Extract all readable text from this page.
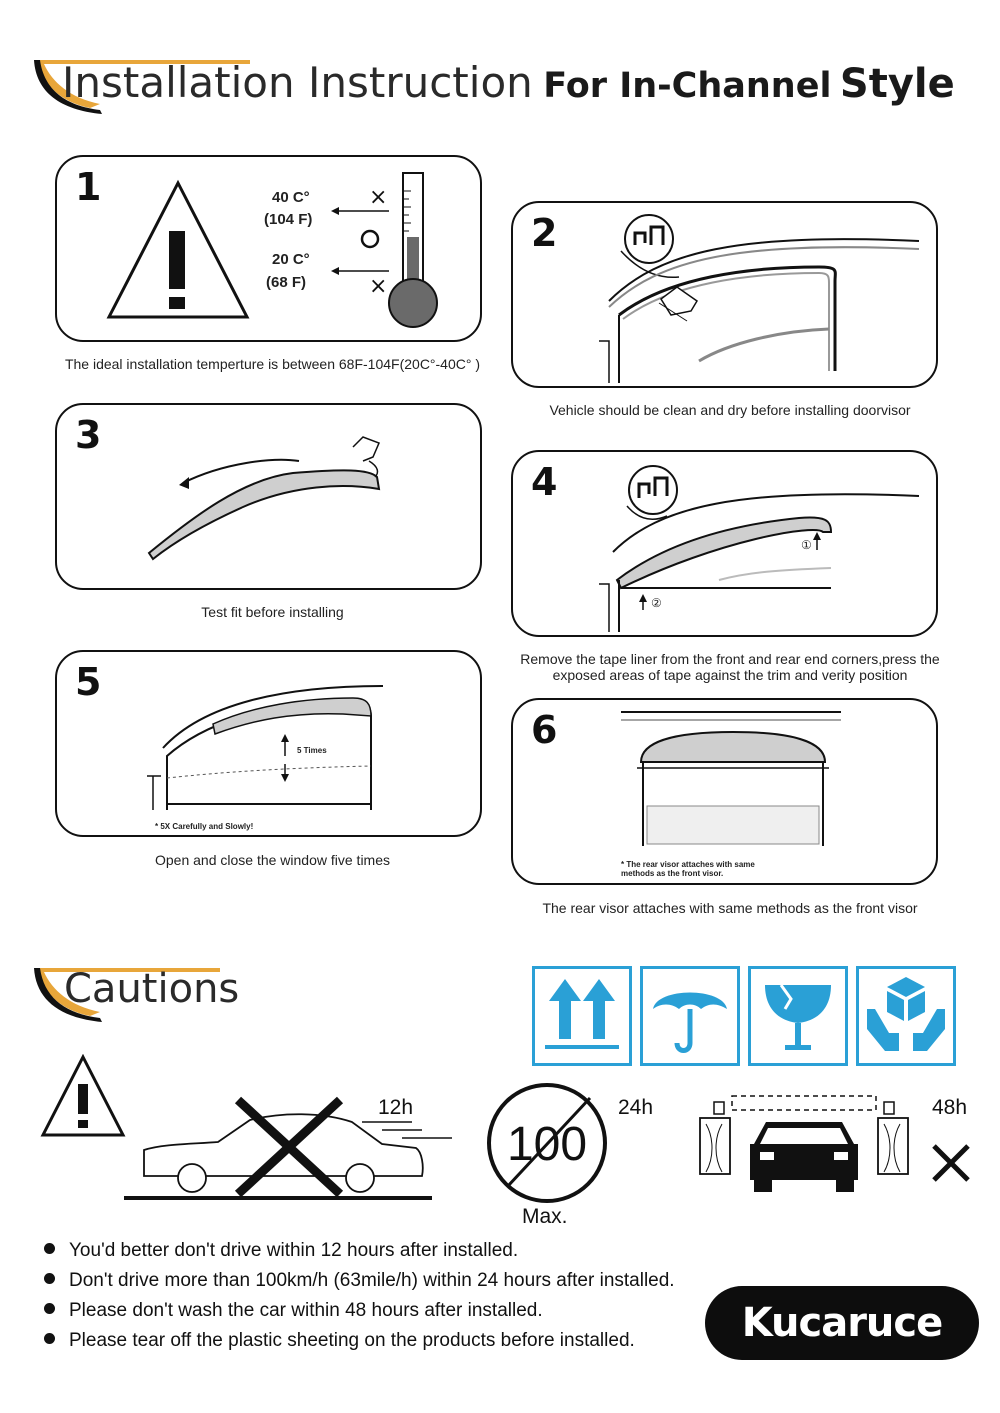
Installation Instruction For In-Channel Style
1	40 C°
(104 F)
20 C°
(68 F)
×
×
The ideal installation temperture is between 68F-104F(20C°-40C° )
2
Vehicle should be clean and dry before installing doorvisor
3
Test fit before installing
4
①
②
Remove the tape liner from the front and rear end corners,press the
exposed areas of tape against the trim and verity position
5
5 Times
* 5X Carefully and Slowly!
Open and close the window five times
6
* The rear visor attaches with same
methods as the front visor.
The rear visor attaches with same methods as the front visor
Cautions
12h
100
Max.
24h	48h
You'd better don't drive within 12 hours after installed.
Don't drive more than 100km/h (63mile/h) within 24 hours after installed.
Please don't wash the car within 48 hours after installed.
Please tear off the plastic sheeting on the products before installed.	Kucaruce
